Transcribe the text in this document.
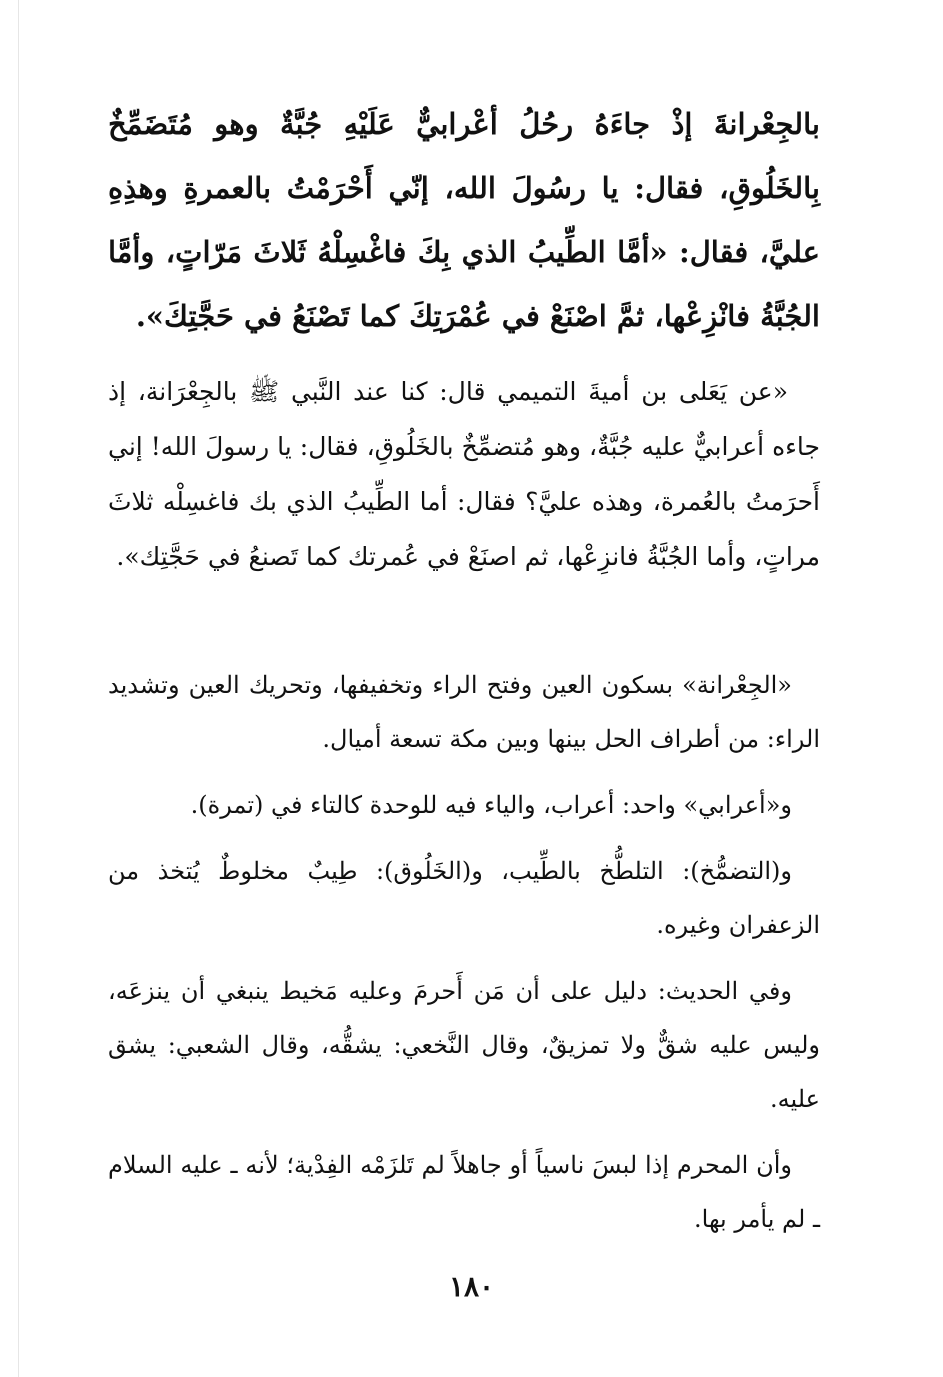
بالجِعْرانةَ إذْ جاءَهُ رحُلُ أعْرابيٌّ عَلَيْهِ جُبَّةٌ وهو مُتَضَمِّخٌ بِالخَلُوقِ، فقال: يا رسُولَ الله، إنّي أَحْرَمْتُ بالعمرةِ وهذِهِ عليَّ، فقال: «أمَّا الطِّيبُ الذي بِكَ فاغْسِلْهُ ثَلاثَ مَرّاتٍ، وأمَّا الجُبَّةُ فانْزِعْها، ثمَّ اصْنَعْ في عُمْرَتِكَ كما تَصْنَعُ في حَجَّتِكَ».

«عن يَعَلى بن أميةَ التميمي قال: كنا عند النَّبي ﷺ بالجِعْرَانة، إذ جاءه أعرابيٌّ عليه جُبَّةٌ، وهو مُتضمِّخٌ بالخَلُوقِ، فقال: يا رسولَ الله! إني أَحرَمتُ بالعُمرة، وهذه عليَّ؟ فقال: أما الطِّيبُ الذي بك فاغسِلْه ثلاثَ مراتٍ، وأما الجُبَّةُ فانزِعْها، ثم اصنَعْ في عُمرتك كما تَصنعُ في حَجَّتِك».

«الجِعْرانة» بسكون العين وفتح الراء وتخفيفها، وتحريك العين وتشديد الراء: من أطراف الحل بينها وبين مكة تسعة أميال.

و«أعرابي» واحد: أعراب، والياء فيه للوحدة كالتاء في (تمرة).

و(التضمُّخ): التلطُّخ بالطِّيب، و(الخَلُوق): طِيبٌ مخلوطٌ يُتخذ من الزعفران وغيره.

وفي الحديث: دليل على أن مَن أَحرمَ وعليه مَخيط ينبغي أن ينزعَه، وليس عليه شقٌّ ولا تمزيقٌ، وقال النَّخعي: يشقُّه، وقال الشعبي: يشق عليه.

وأن المحرم إذا لبسَ ناسياً أو جاهلاً لم تَلزَمْه الفِدْية؛ لأنه ـ عليه السلام ـ لم يأمر بها.

١٨٠
